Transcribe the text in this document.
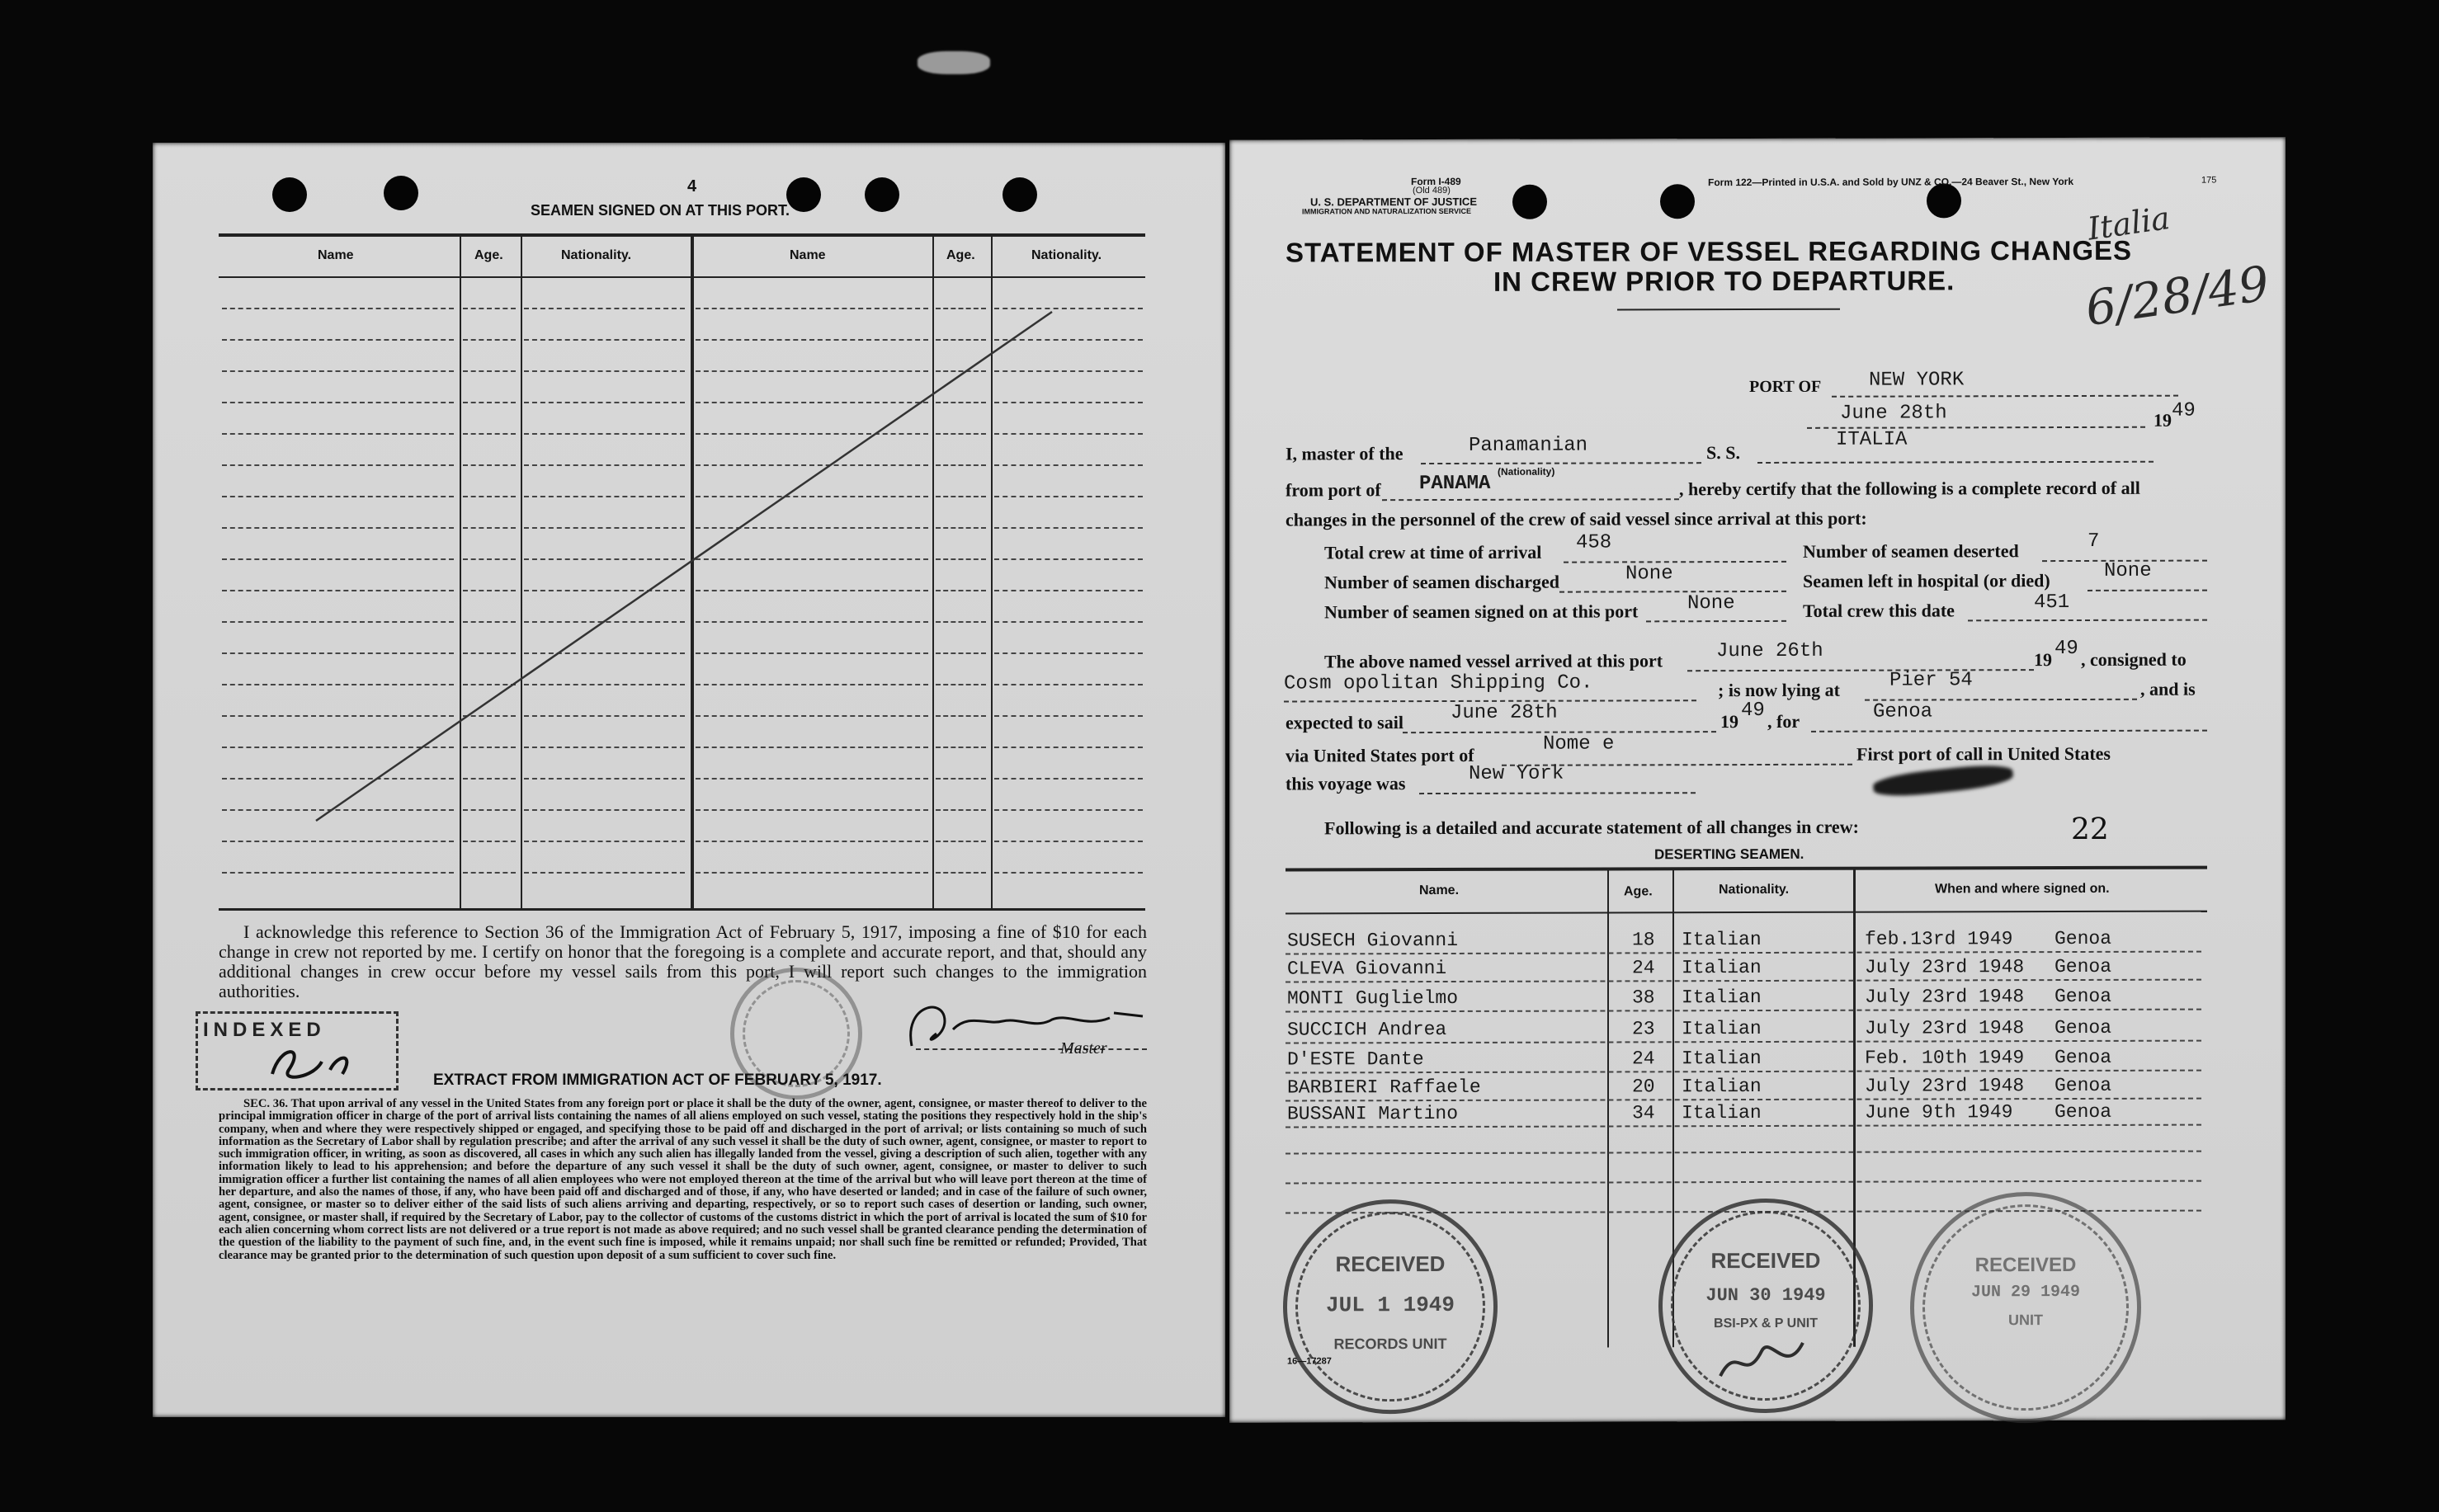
4
SEAMEN SIGNED ON AT THIS PORT.
Name	Age.	Nationality.	Name	Age.	Nationality.
I acknowledge this reference to Section 36 of the Immigration Act of February 5, 1917, imposing a fine of $10 for each change in crew not reported by me. I certify on honor that the foregoing is a complete and accurate report, and that, should any additional changes in crew occur before my vessel sails from this port, I will report such changes to the immigration authorities.
INDEXED
Master
EXTRACT FROM IMMIGRATION ACT OF FEBRUARY 5, 1917.
SEC. 36. That upon arrival of any vessel in the United States from any foreign port or place it shall be the duty of the owner, agent, consignee, or master thereof to deliver to the principal immigration officer in charge of the port of arrival lists containing the names of all aliens employed on such vessel, stating the positions they respectively hold in the ship's company, when and where they were respectively shipped or engaged, and specifying those to be paid off and discharged in the port of arrival; or lists containing so much of such information as the Secretary of Labor shall by regulation prescribe; and after the arrival of any such vessel it shall be the duty of such owner, agent, consignee, or master to report to such immigration officer, in writing, as soon as discovered, all cases in which any such alien has illegally landed from the vessel, giving a description of such alien, together with any information likely to lead to his apprehension; and before the departure of any such vessel it shall be the duty of such owner, agent, consignee, or master to deliver to such immigration officer a further list containing the names of all alien employees who were not employed thereon at the time of the arrival but who will leave port thereon at the time of her departure, and also the names of those, if any, who have been paid off and discharged and of those, if any, who have deserted or landed; and in case of the failure of such owner, agent, consignee, or master so to deliver either of the said lists of such aliens arriving and departing, respectively, or so to report such cases of desertion or landing, such owner, agent, consignee, or master shall, if required by the Secretary of Labor, pay to the collector of customs of the customs district in which the port of arrival is located the sum of $10 for each alien concerning whom correct lists are not delivered or a true report is not made as above required; and no such vessel shall be granted clearance pending the determination of the question of the liability to the payment of such fine, and, in the event such fine is imposed, while it remains unpaid; nor shall such fine be remitted or refunded; Provided, That clearance may be granted prior to the determination of such question upon deposit of a sum sufficient to cover such fine.
Form I-489
(Old 489)
U. S. DEPARTMENT OF JUSTICE
IMMIGRATION AND NATURALIZATION SERVICE
Form 122—Printed in U.S.A. and Sold by UNZ & CO.—24 Beaver St., New York	175
Italia
6/28/49
STATEMENT OF MASTER OF VESSEL REGARDING CHANGES
IN CREW PRIOR TO DEPARTURE.
PORT OF NEW YORK
June 28th	19 49
I, master of the	Panamanian
(Nationality)
S. S.
ITALIA
from port of PANAMA	, hereby certify that the following is a complete record of all
changes in the personnel of the crew of said vessel since arrival at this port:
Total crew at time of arrival 458	Number of seamen deserted	7
Number of seamen discharged	None	Seamen left in hospital (or died)	None
Number of seamen signed on at this port None	Total crew this date	451
The above named vessel arrived at this port	June 26th	19 49 , consigned to
Cosm opolitan Shipping Co.	; is now lying at	Pier 54	, and is
expected to sail June 28th	19 49 , for	Genoa
via United States port of
Nome e	First port of call in United States
this voyage was	New York
Following is a detailed and accurate statement of all changes in crew:	22
DESERTING SEAMEN.
Name.	Age.	Nationality.	When and where signed on.
SUSECH Giovanni	18 Italian	feb.13rd 1949 Genoa
CLEVA Giovanni	24 Italian	July 23rd 1948 Genoa
MONTI Guglielmo	38 Italian	July 23rd 1948 Genoa
SUCCICH Andrea	23 Italian	July 23rd 1948 Genoa
D'ESTE Dante	24 Italian	Feb. 10th 1949 Genoa
BARBIERI Raffaele	20 Italian	July 23rd 1948 Genoa
BUSSANI Martino	34 Italian	June 9th 1949 Genoa
RECEIVED
JUL 1 1949
RECORDS UNIT
RECEIVED
JUN 30 1949
BSI-PX & P UNIT
RECEIVED
JUN 29 1949
UNIT
16—17287
